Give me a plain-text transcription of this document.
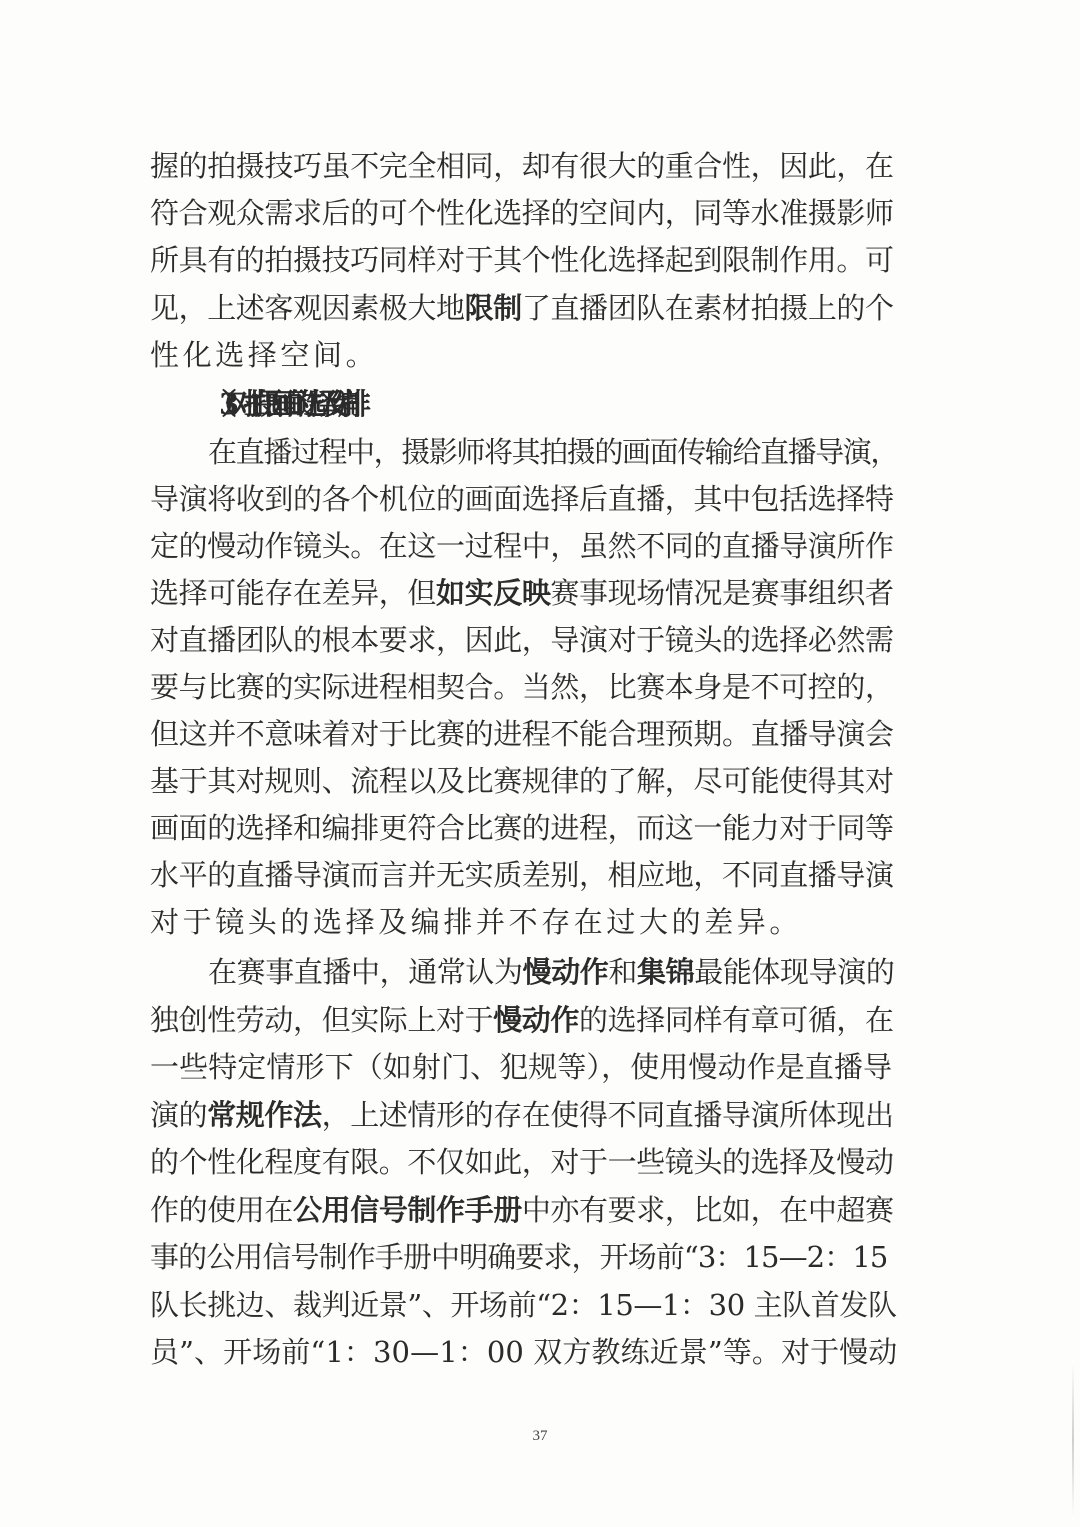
握的拍摄技巧虽不完全相同，却有很大的重合性，因此，在
符合观众需求后的可个性化选择的空间内，同等水准摄影师
所具有的拍摄技巧同样对于其个性化选择起到限制作用。可
见，上述客观因素极大地限制了直播团队在素材拍摄上的个
性化选择空间。
在直播过程中，摄影师将其拍摄的画面传输给直播导演，
导演将收到的各个机位的画面选择后直播，其中包括选择特
定的慢动作镜头。在这一过程中，虽然不同的直播导演所作
选择可能存在差异，但如实反映赛事现场情况是赛事组织者
对直播团队的根本要求，因此，导演对于镜头的选择必然需
要与比赛的实际进程相契合。当然，比赛本身是不可控的，
但这并不意味着对于比赛的进程不能合理预期。直播导演会
基于其对规则、流程以及比赛规律的了解，尽可能使得其对
画面的选择和编排更符合比赛的进程，而这一能力对于同等
水平的直播导演而言并无实质差别，相应地，不同直播导演
对于镜头的选择及编排并不存在过大的差异。
在赛事直播中，通常认为慢动作和集锦最能体现导演的
独创性劳动，但实际上对于慢动作的选择同样有章可循，在
一些特定情形下（如射门、犯规等），使用慢动作是直播导
演的常规作法，上述情形的存在使得不同直播导演所体现出
的个性化程度有限。不仅如此，对于一些镜头的选择及慢动
作的使用在公用信号制作手册中亦有要求，比如，在中超赛
事的公用信号制作手册中明确要求，开场前“3：15—2：15
队长挑边、裁判近景”、开场前“2：15—1：30 主队首发队
员”、开场前“1：30—1：00 双方教练近景”等。对于慢动
（3）对拍摄画面的选择及编排
37
